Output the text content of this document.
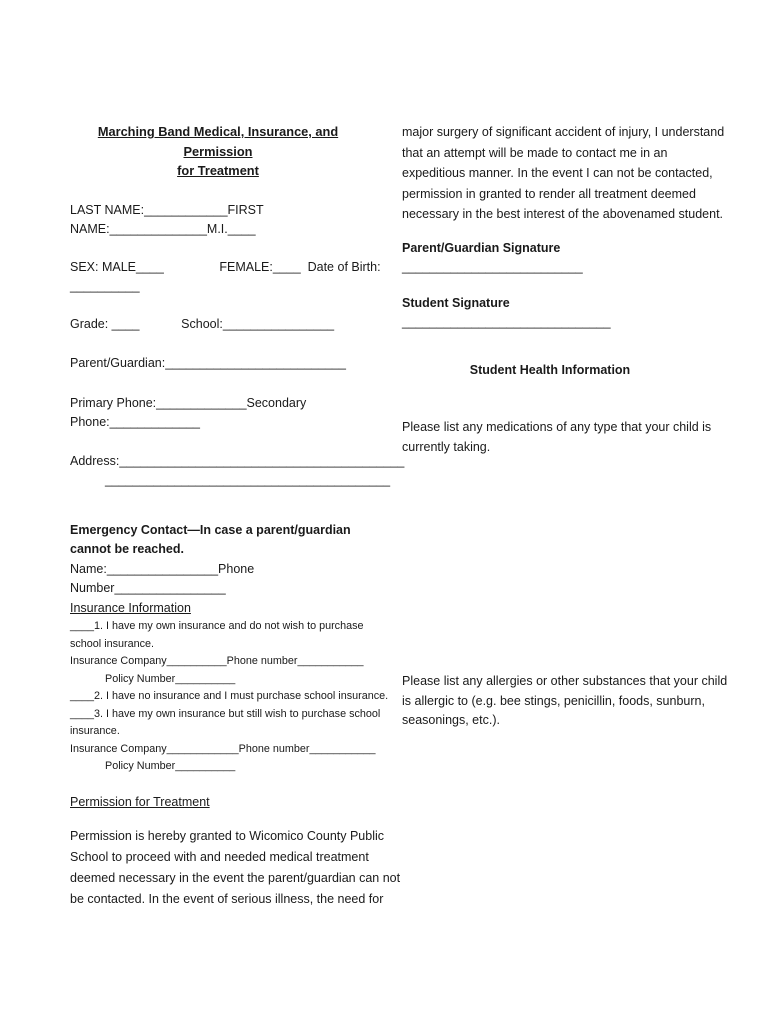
Marching Band Medical, Insurance, and Permission
for Treatment
LAST NAME:____________FIRST
NAME:______________M.I.____
SEX: MALE____                FEMALE:____  Date of Birth:
__________
Grade: ____            School:________________
Parent/Guardian:__________________________
Primary Phone:_____________Secondary
Phone:_____________
Address:_________________________________________
_________________________________________
Emergency Contact—In case a parent/guardian
cannot be reached.
Name:________________Phone
Number________________
Insurance Information
____1. I have my own insurance and do not wish to purchase
school insurance.
Insurance Company__________Phone number___________
Policy Number__________
____2. I have no insurance and I must purchase school insurance.
____3. I have my own insurance but still wish to purchase school
insurance.
Insurance Company____________Phone number___________
Policy Number__________
Permission for Treatment
Permission is hereby granted to Wicomico County Public
School to proceed with and needed medical treatment
deemed necessary in the event the parent/guardian can not
be contacted. In the event of serious illness, the need for
major surgery of significant accident of injury, I understand
that an attempt will be made to contact me in an
expeditious manner. In the event I can not be contacted,
permission in granted to render all treatment deemed
necessary in the best interest of the abovenamed student.
Parent/Guardian Signature
__________________________
Student Signature
______________________________
Student Health Information
Please list any medications of any type that your child is
currently taking.
Please list any allergies or other substances that your child
is allergic to (e.g. bee stings, penicillin, foods, sunburn,
seasonings, etc.).
